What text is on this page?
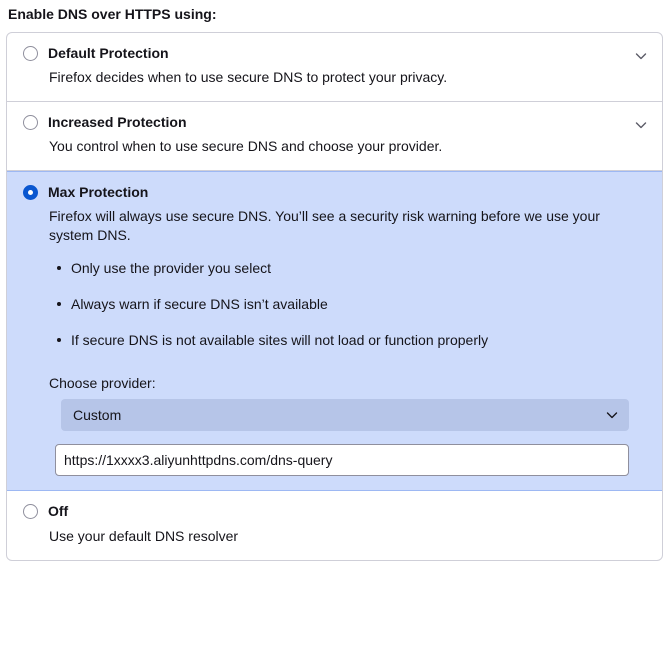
Enable DNS over HTTPS using:
Default Protection
Firefox decides when to use secure DNS to protect your privacy.
Increased Protection
You control when to use secure DNS and choose your provider.
Max Protection
Firefox will always use secure DNS. You’ll see a security risk warning before we use your system DNS.
Only use the provider you select
Always warn if secure DNS isn’t available
If secure DNS is not available sites will not load or function properly
Choose provider:
Custom
https://1xxxx3.aliyunhttpdns.com/dns-query
Off
Use your default DNS resolver
